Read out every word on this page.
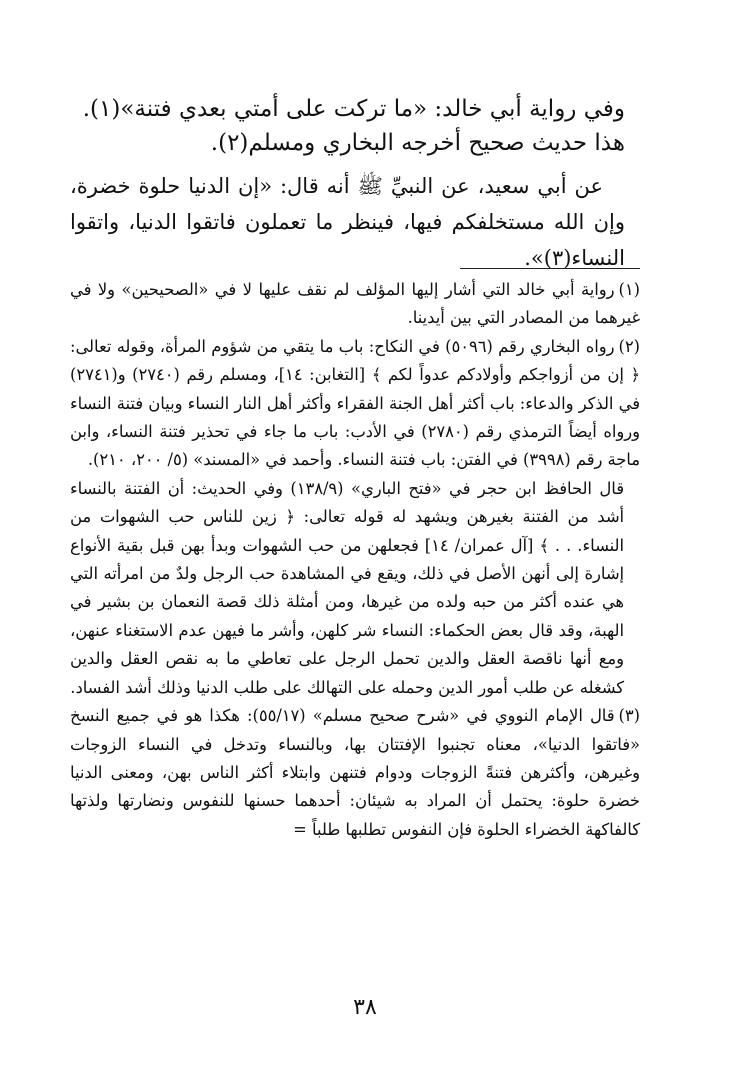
وفي رواية أبي خالد: «ما تركت على أمتي بعدي فتنة»(١).

هذا حديث صحيح أخرجه البخاري ومسلم(٢).

عن أبي سعيد، عن النبيِّ ﷺ أنه قال: «إن الدنيا حلوة خضرة، وإن الله مستخلفكم فيها، فينظر ما تعملون فاتقوا الدنيا، واتقوا النساء(٣)».

(١)رواية أبي خالد التي أشار إليها المؤلف لم نقف عليها لا في «الصحيحين» ولا في غيرهما من المصادر التي بين أيدينا.

(٢)رواه البخاري رقم (٥٠٩٦) في النكاح: باب ما يتقي من شؤوم المرأة، وقوله تعالى: ﴿ إن من أزواجكم وأولادكم عدواً لكم ﴾ [التغابن: ١٤]، ومسلم رقم (٢٧٤٠) و(٢٧٤١) في الذكر والدعاء: باب أكثر أهل الجنة الفقراء وأكثر أهل النار النساء وبيان فتنة النساء ورواه أيضاً الترمذي رقم (٢٧٨٠) في الأدب: باب ما جاء في تحذير فتنة النساء، وابن ماجة رقم (٣٩٩٨) في الفتن: باب فتنة النساء. وأحمد في «المسند» (٥/ ٢٠٠، ٢١٠).
قال الحافظ ابن حجر في «فتح الباري» (١٣٨/٩) وفي الحديث: أن الفتنة بالنساء أشد من الفتنة بغيرهن ويشهد له قوله تعالى: ﴿ زين للناس حب الشهوات من النساء. . . ﴾ [آل عمران/ ١٤] فجعلهن من حب الشهوات وبدأ بهن قبل بقية الأنواع إشارة إلى أنهن الأصل في ذلك، ويقع في المشاهدة حب الرجل ولدٌ من امرأته التي هي عنده أكثر من حبه ولده من غيرها، ومن أمثلة ذلك قصة النعمان بن بشير في الهبة، وقد قال بعض الحكماء: النساء شر كلهن، وأشر ما فيهن عدم الاستغناء عنهن، ومع أنها ناقصة العقل والدين تحمل الرجل على تعاطي ما به نقص العقل والدين كشغله عن طلب أمور الدين وحمله على التهالك على طلب الدنيا وذلك أشد الفساد.

(٣)قال الإمام النووي في «شرح صحيح مسلم» (٥٥/١٧): هكذا هو في جميع النسخ «فاتقوا الدنيا»، معناه تجنبوا الإفتتان بها، وبالنساء وتدخل في النساء الزوجات وغيرهن، وأكثرهن فتنةً الزوجات ودوام فتنهن وابتلاء أكثر الناس بهن، ومعنى الدنيا خضرة حلوة: يحتمل أن المراد به شيئان: أحدهما حسنها للنفوس ونضارتها ولذتها كالفاكهة الخضراء الحلوة فإن النفوس تطلبها طلباً =

٣٨
